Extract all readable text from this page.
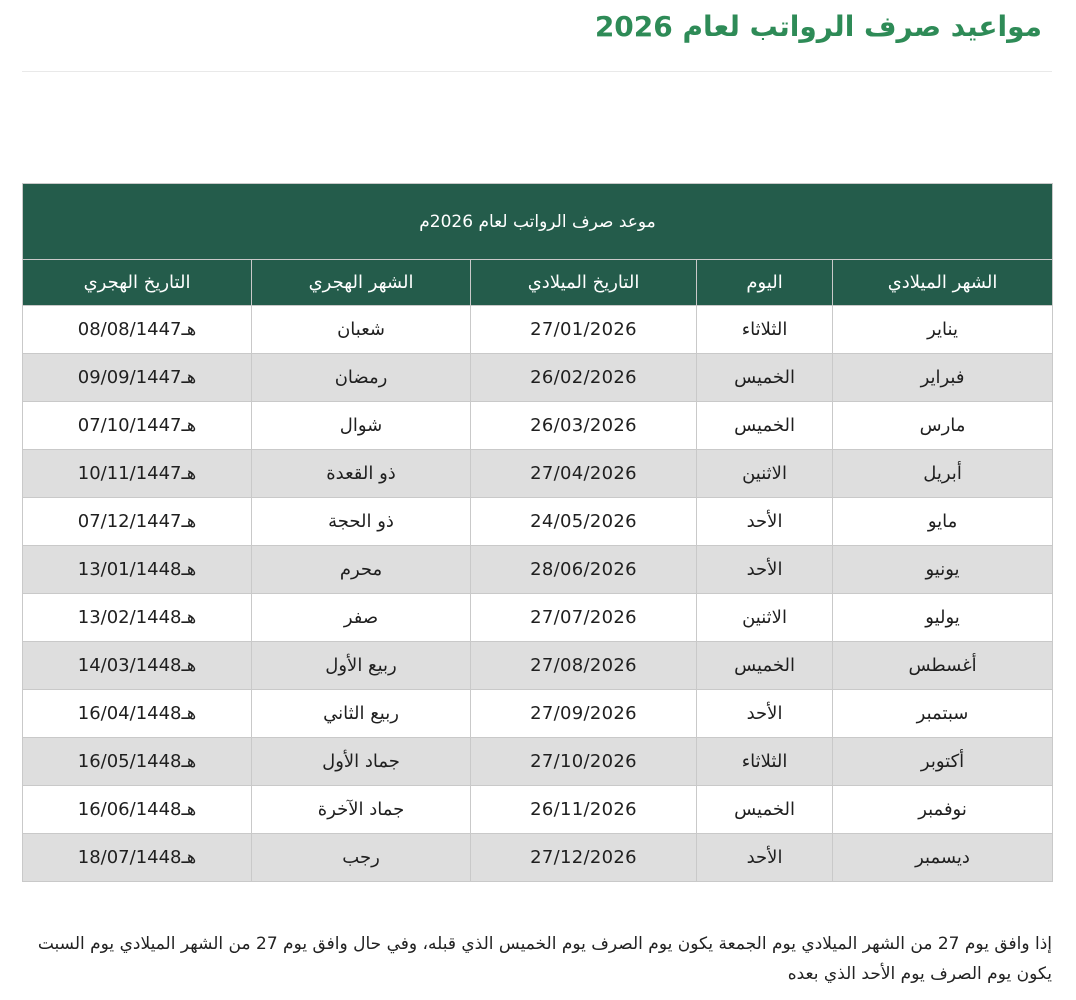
مواعيد صرف الرواتب لعام 2026
موعد صرف الرواتب لعام 2026م				
الشهر الميلادي	اليوم	التاريخ الميلادي	الشهر الهجري	التاريخ الهجري
يناير	الثلاثاء	27/01/2026	شعبان	08/08/1447هـ
فبراير	الخميس	26/02/2026	رمضان	09/09/1447هـ
مارس	الخميس	26/03/2026	شوال	07/10/1447هـ
أبريل	الاثنين	27/04/2026	ذو القعدة	10/11/1447هـ
مايو	الأحد	24/05/2026	ذو الحجة	07/12/1447هـ
يونيو	الأحد	28/06/2026	محرم	13/01/1448هـ
يوليو	الاثنين	27/07/2026	صفر	13/02/1448هـ
أغسطس	الخميس	27/08/2026	ربيع الأول	14/03/1448هـ
سبتمبر	الأحد	27/09/2026	ربيع الثاني	16/04/1448هـ
أكتوبر	الثلاثاء	27/10/2026	جماد الأول	16/05/1448هـ
نوفمبر	الخميس	26/11/2026	جماد الآخرة	16/06/1448هـ
ديسمبر	الأحد	27/12/2026	رجب	18/07/1448هـ

إذا وافق يوم 27 من الشهر الميلادي يوم الجمعة يكون يوم الصرف يوم الخميس الذي قبله، وفي حال وافق يوم 27 من الشهر الميلادي يوم السبت يكون يوم الصرف يوم الأحد الذي بعده
